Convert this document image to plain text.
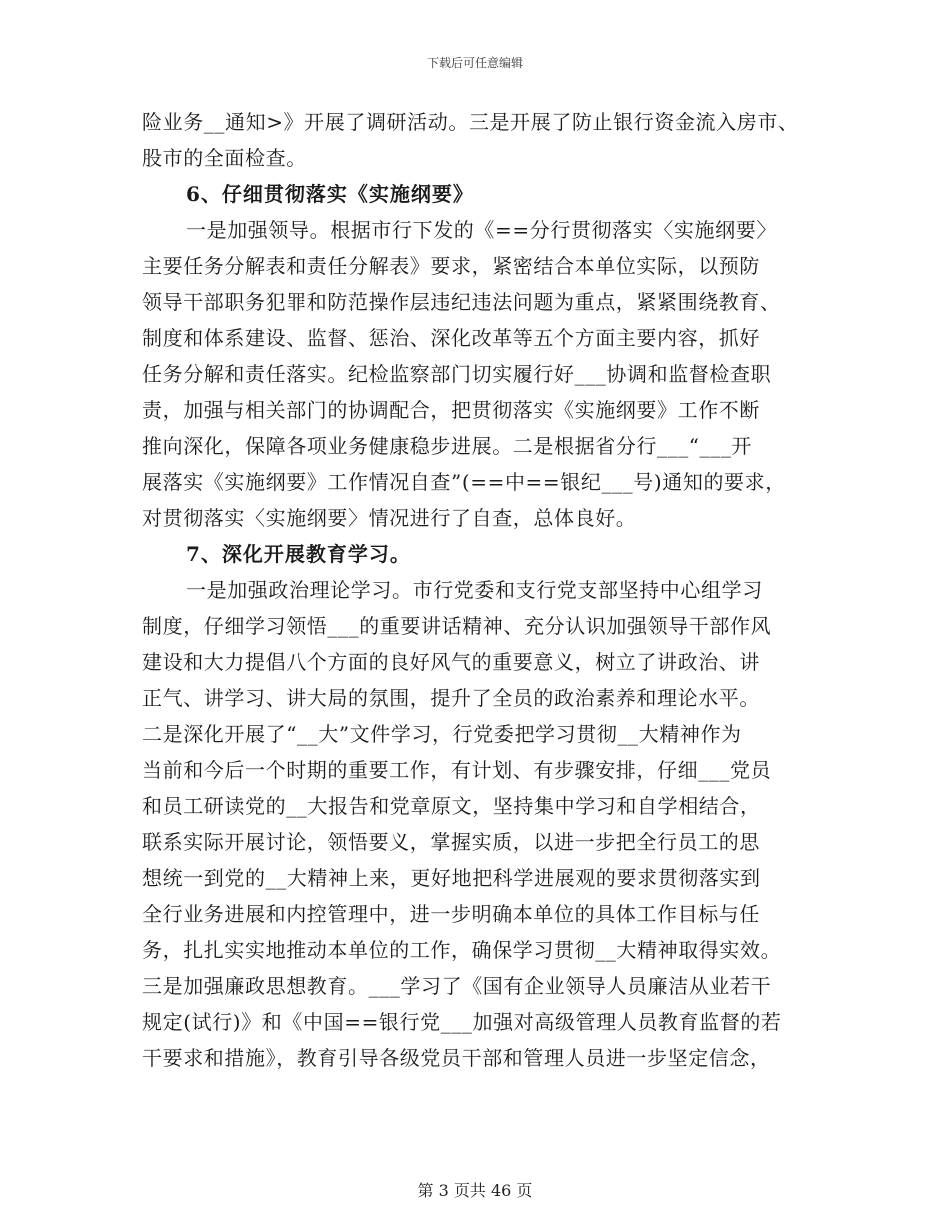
下载后可任意编辑
险业务__通知>》开展了调研活动。三是开展了防止银行资金流入房市、
股市的全面检查。
6、仔细贯彻落实《实施纲要》
一是加强领导。根据市行下发的《==分行贯彻落实〈实施纲要〉
主要任务分解表和责任分解表》要求，紧密结合本单位实际，以预防
领导干部职务犯罪和防范操作层违纪违法问题为重点，紧紧围绕教育、
制度和体系建设、监督、惩治、深化改革等五个方面主要内容，抓好
任务分解和责任落实。纪检监察部门切实履行好___协调和监督检查职
责，加强与相关部门的协调配合，把贯彻落实《实施纲要》工作不断
推向深化，保障各项业务健康稳步进展。二是根据省分行___“___开
展落实《实施纲要》工作情况自查”(==中==银纪___号)通知的要求，
对贯彻落实〈实施纲要〉情况进行了自查，总体良好。
7、深化开展教育学习。
一是加强政治理论学习。市行党委和支行党支部坚持中心组学习
制度，仔细学习领悟___的重要讲话精神、充分认识加强领导干部作风
建设和大力提倡八个方面的良好风气的重要意义，树立了讲政治、讲
正气、讲学习、讲大局的氛围，提升了全员的政治素养和理论水平。
二是深化开展了“__大”文件学习，行党委把学习贯彻__大精神作为
当前和今后一个时期的重要工作，有计划、有步骤安排，仔细___党员
和员工研读党的__大报告和党章原文，坚持集中学习和自学相结合，
联系实际开展讨论，领悟要义，掌握实质，以进一步把全行员工的思
想统一到党的__大精神上来，更好地把科学进展观的要求贯彻落实到
全行业务进展和内控管理中，进一步明确本单位的具体工作目标与任
务，扎扎实实地推动本单位的工作，确保学习贯彻__大精神取得实效。
三是加强廉政思想教育。___学习了《国有企业领导人员廉洁从业若干
规定(试行)》和《中国==银行党___加强对高级管理人员教育监督的若
干要求和措施》，教育引导各级党员干部和管理人员进一步坚定信念，
第 3 页共 46 页
